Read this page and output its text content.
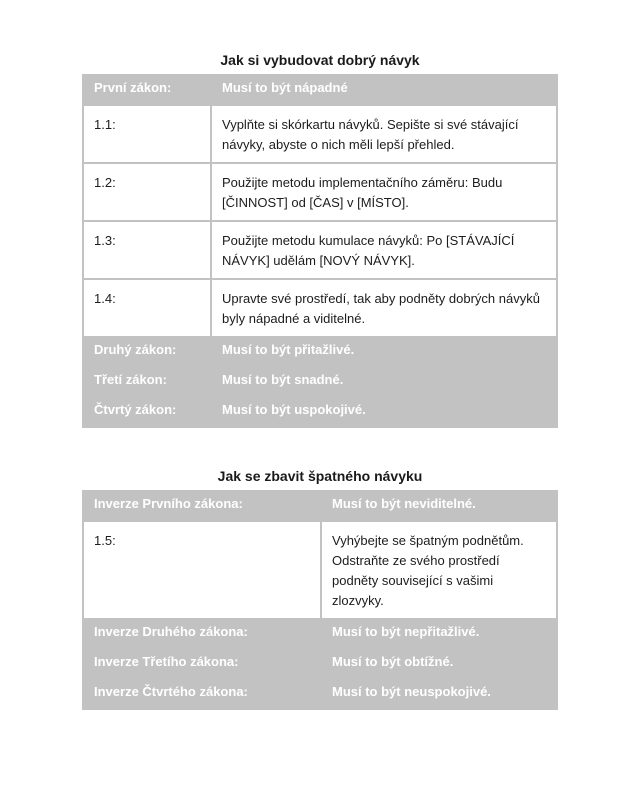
Jak si vybudovat dobrý návyk
První zákon:	Musí to být nápadné
1.1:	Vyplňte si skórkartu návyků. Sepište si své stávající návyky, abyste o nich měli lepší přehled.
1.2:	Použijte metodu implementačního záměru: Budu [ČINNOST] od [ČAS] v [MÍSTO].
1.3:	Použijte metodu kumulace návyků: Po [STÁVAJÍCÍ NÁVYK] udělám [NOVÝ NÁVYK].
1.4:	Upravte své prostředí, tak aby podněty dobrých návyků byly nápadné a viditelné.
Druhý zákon:	Musí to být přitažlivé.
Třetí zákon:	Musí to být snadné.
Čtvrtý zákon:	Musí to být uspokojivé.
Jak se zbavit špatného návyku
Inverze Prvního zákona:	Musí to být neviditelné.
1.5:	Vyhýbejte se špatným podnětům. Odstraňte ze svého prostředí podněty související s vašimi zlozvyky.
Inverze Druhého zákona:	Musí to být nepřitažlivé.
Inverze Třetího zákona:	Musí to být obtížné.
Inverze Čtvrtého zákona:	Musí to být neuspokojivé.
